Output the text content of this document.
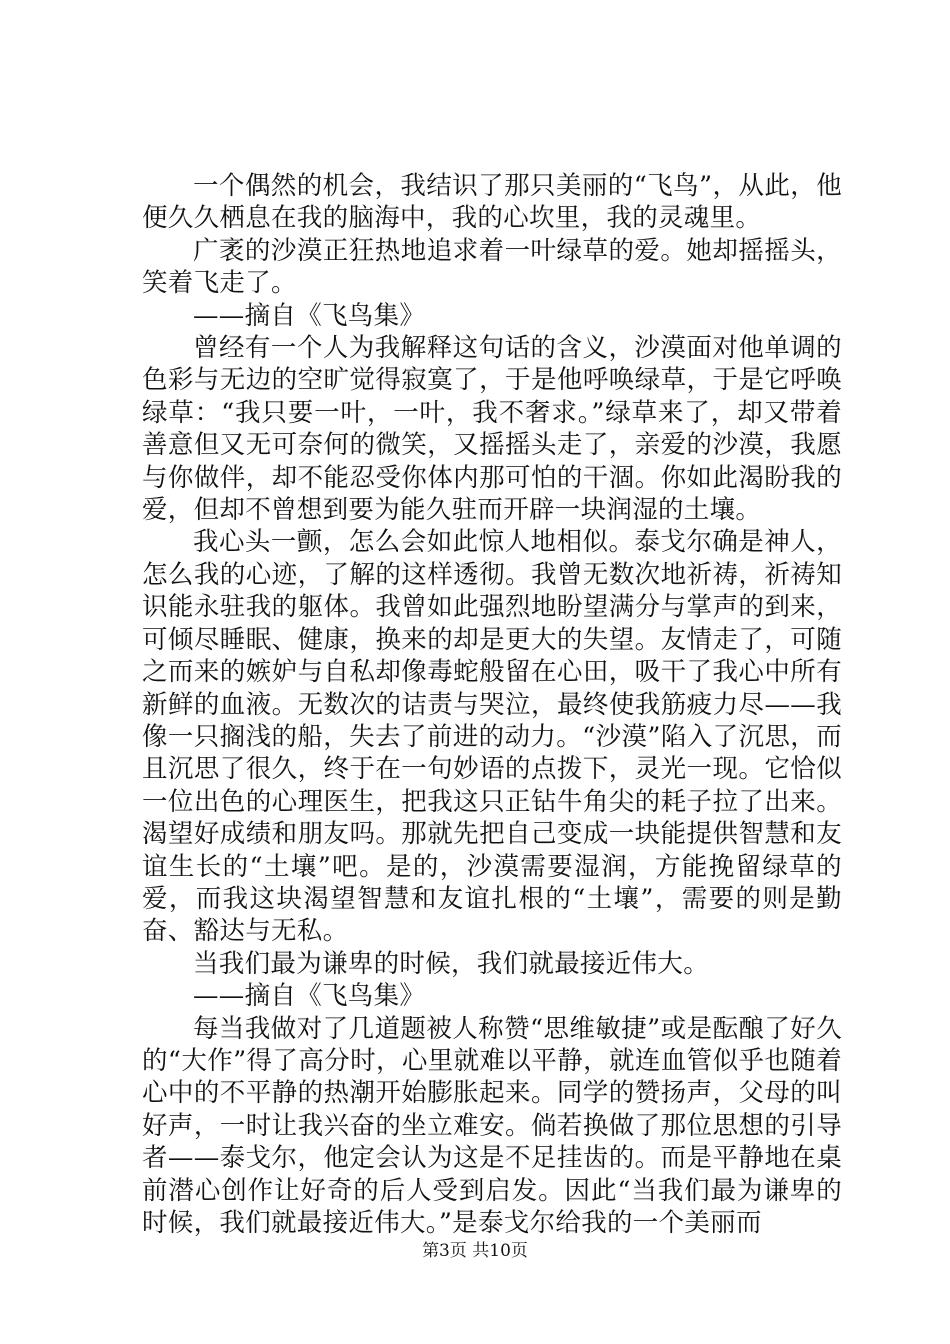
一个偶然的机会，我结识了那只美丽的“飞鸟”，从此，他便久久栖息在我的脑海中，我的心坎里，我的灵魂里。

广袤的沙漠正狂热地追求着一叶绿草的爱。她却摇摇头，笑着飞走了。

——摘自《飞鸟集》

曾经有一个人为我解释这句话的含义，沙漠面对他单调的色彩与无边的空旷觉得寂寞了，于是他呼唤绿草，于是它呼唤绿草：“我只要一叶，一叶，我不奢求。”绿草来了，却又带着善意但又无可奈何的微笑，又摇摇头走了，亲爱的沙漠，我愿与你做伴，却不能忍受你体内那可怕的干涸。你如此渴盼我的爱，但却不曾想到要为能久驻而开辟一块润湿的土壤。

我心头一颤，怎么会如此惊人地相似。泰戈尔确是神人，怎么我的心迹，了解的这样透彻。我曾无数次地祈祷，祈祷知识能永驻我的躯体。我曾如此强烈地盼望满分与掌声的到来，可倾尽睡眠、健康，换来的却是更大的失望。友情走了，可随之而来的嫉妒与自私却像毒蛇般留在心田，吸干了我心中所有新鲜的血液。无数次的诘责与哭泣，最终使我筋疲力尽——我像一只搁浅的船，失去了前进的动力。“沙漠”陷入了沉思，而且沉思了很久，终于在一句妙语的点拨下，灵光一现。它恰似一位出色的心理医生，把我这只正钻牛角尖的耗子拉了出来。渴望好成绩和朋友吗。那就先把自己变成一块能提供智慧和友谊生长的“土壤”吧。是的，沙漠需要湿润，方能挽留绿草的爱，而我这块渴望智慧和友谊扎根的“土壤”，需要的则是勤奋、豁达与无私。

当我们最为谦卑的时候，我们就最接近伟大。

——摘自《飞鸟集》

每当我做对了几道题被人称赞“思维敏捷”或是酝酿了好久的“大作”得了高分时，心里就难以平静，就连血管似乎也随着心中的不平静的热潮开始膨胀起来。同学的赞扬声，父母的叫好声，一时让我兴奋的坐立难安。倘若换做了那位思想的引导者——泰戈尔，他定会认为这是不足挂齿的。而是平静地在桌前潜心创作让好奇的后人受到启发。因此“当我们最为谦卑的时候，我们就最接近伟大。”是泰戈尔给我的一个美丽而

第3页 共10页
